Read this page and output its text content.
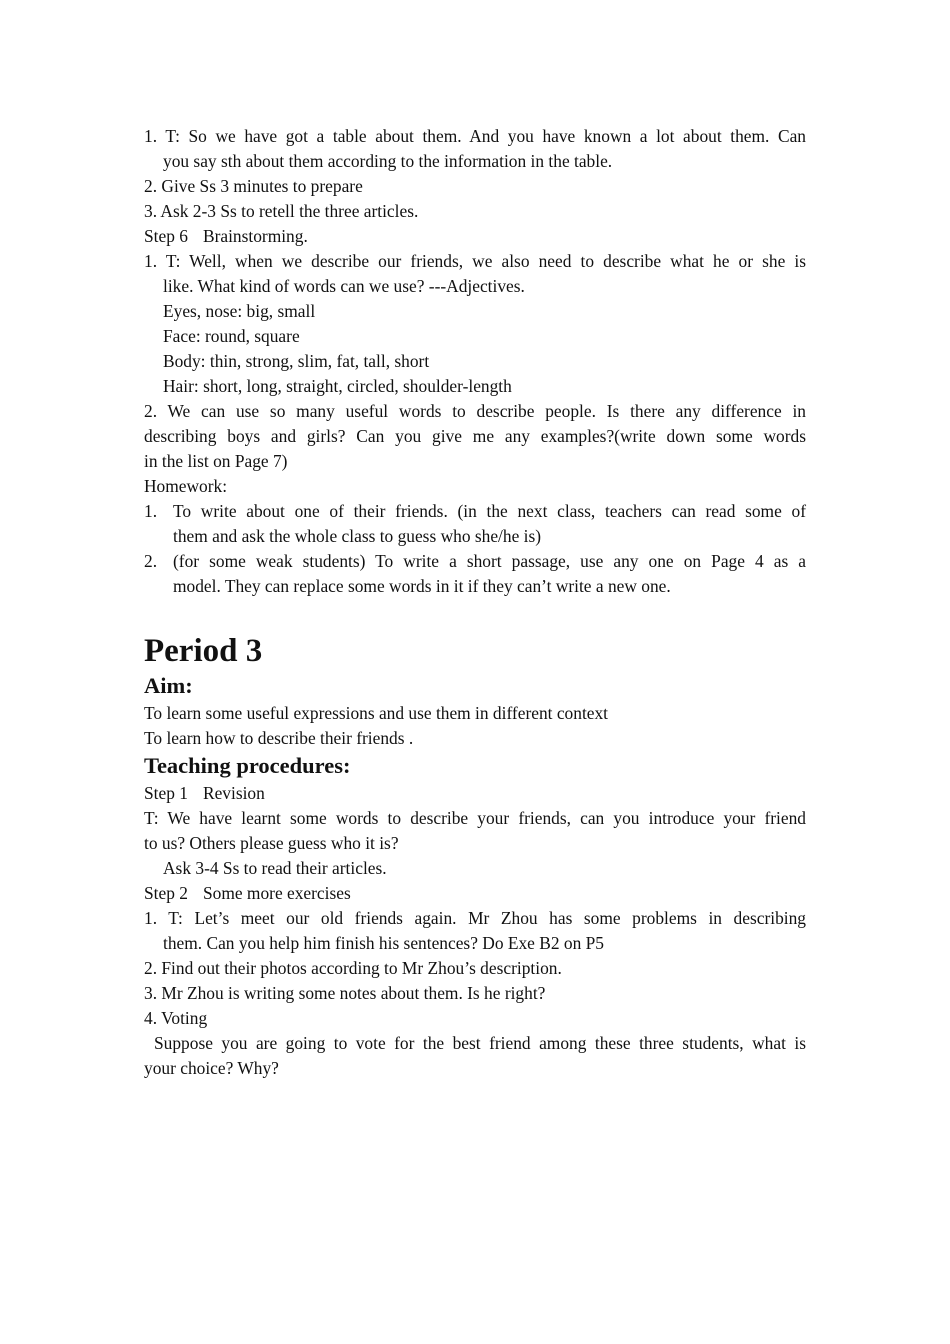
1. T: So we have got a table about them. And you have known a lot about them. Can

you say sth about them according to the information in the table.

2. Give Ss 3 minutes to prepare

3. Ask 2-3 Ss to retell the three articles.

Step 6 Brainstorming.

1. T: Well, when we describe our friends, we also need to describe what he or she is

like. What kind of words can we use? ---Adjectives.

Eyes, nose: big, small

Face: round, square

Body: thin, strong, slim, fat, tall, short

Hair: short, long, straight, circled, shoulder-length

2. We can use so many useful words to describe people. Is there any difference in

describing boys and girls? Can you give me any examples?(write down some words

in the list on Page 7)

Homework:

1. To write about one of their friends. (in the next class, teachers can read some of

them and ask the whole class to guess who she/he is)

2. (for some weak students) To write a short passage, use any one on Page 4 as a

model. They can replace some words in it if they can’t write a new one.

Period 3
Aim:

To learn some useful expressions and use them in different context

To learn how to describe their friends .

Teaching procedures:

Step 1 Revision

T: We have learnt some words to describe your friends, can you introduce your friend

to us? Others please guess who it is?

Ask 3-4 Ss to read their articles.

Step 2 Some more exercises

1. T: Let’s meet our old friends again. Mr Zhou has some problems in describing

them. Can you help him finish his sentences? Do Exe B2 on P5

2. Find out their photos according to Mr Zhou’s description.

3. Mr Zhou is writing some notes about them. Is he right?

4. Voting

Suppose you are going to vote for the best friend among these three students, what is

your choice? Why?
